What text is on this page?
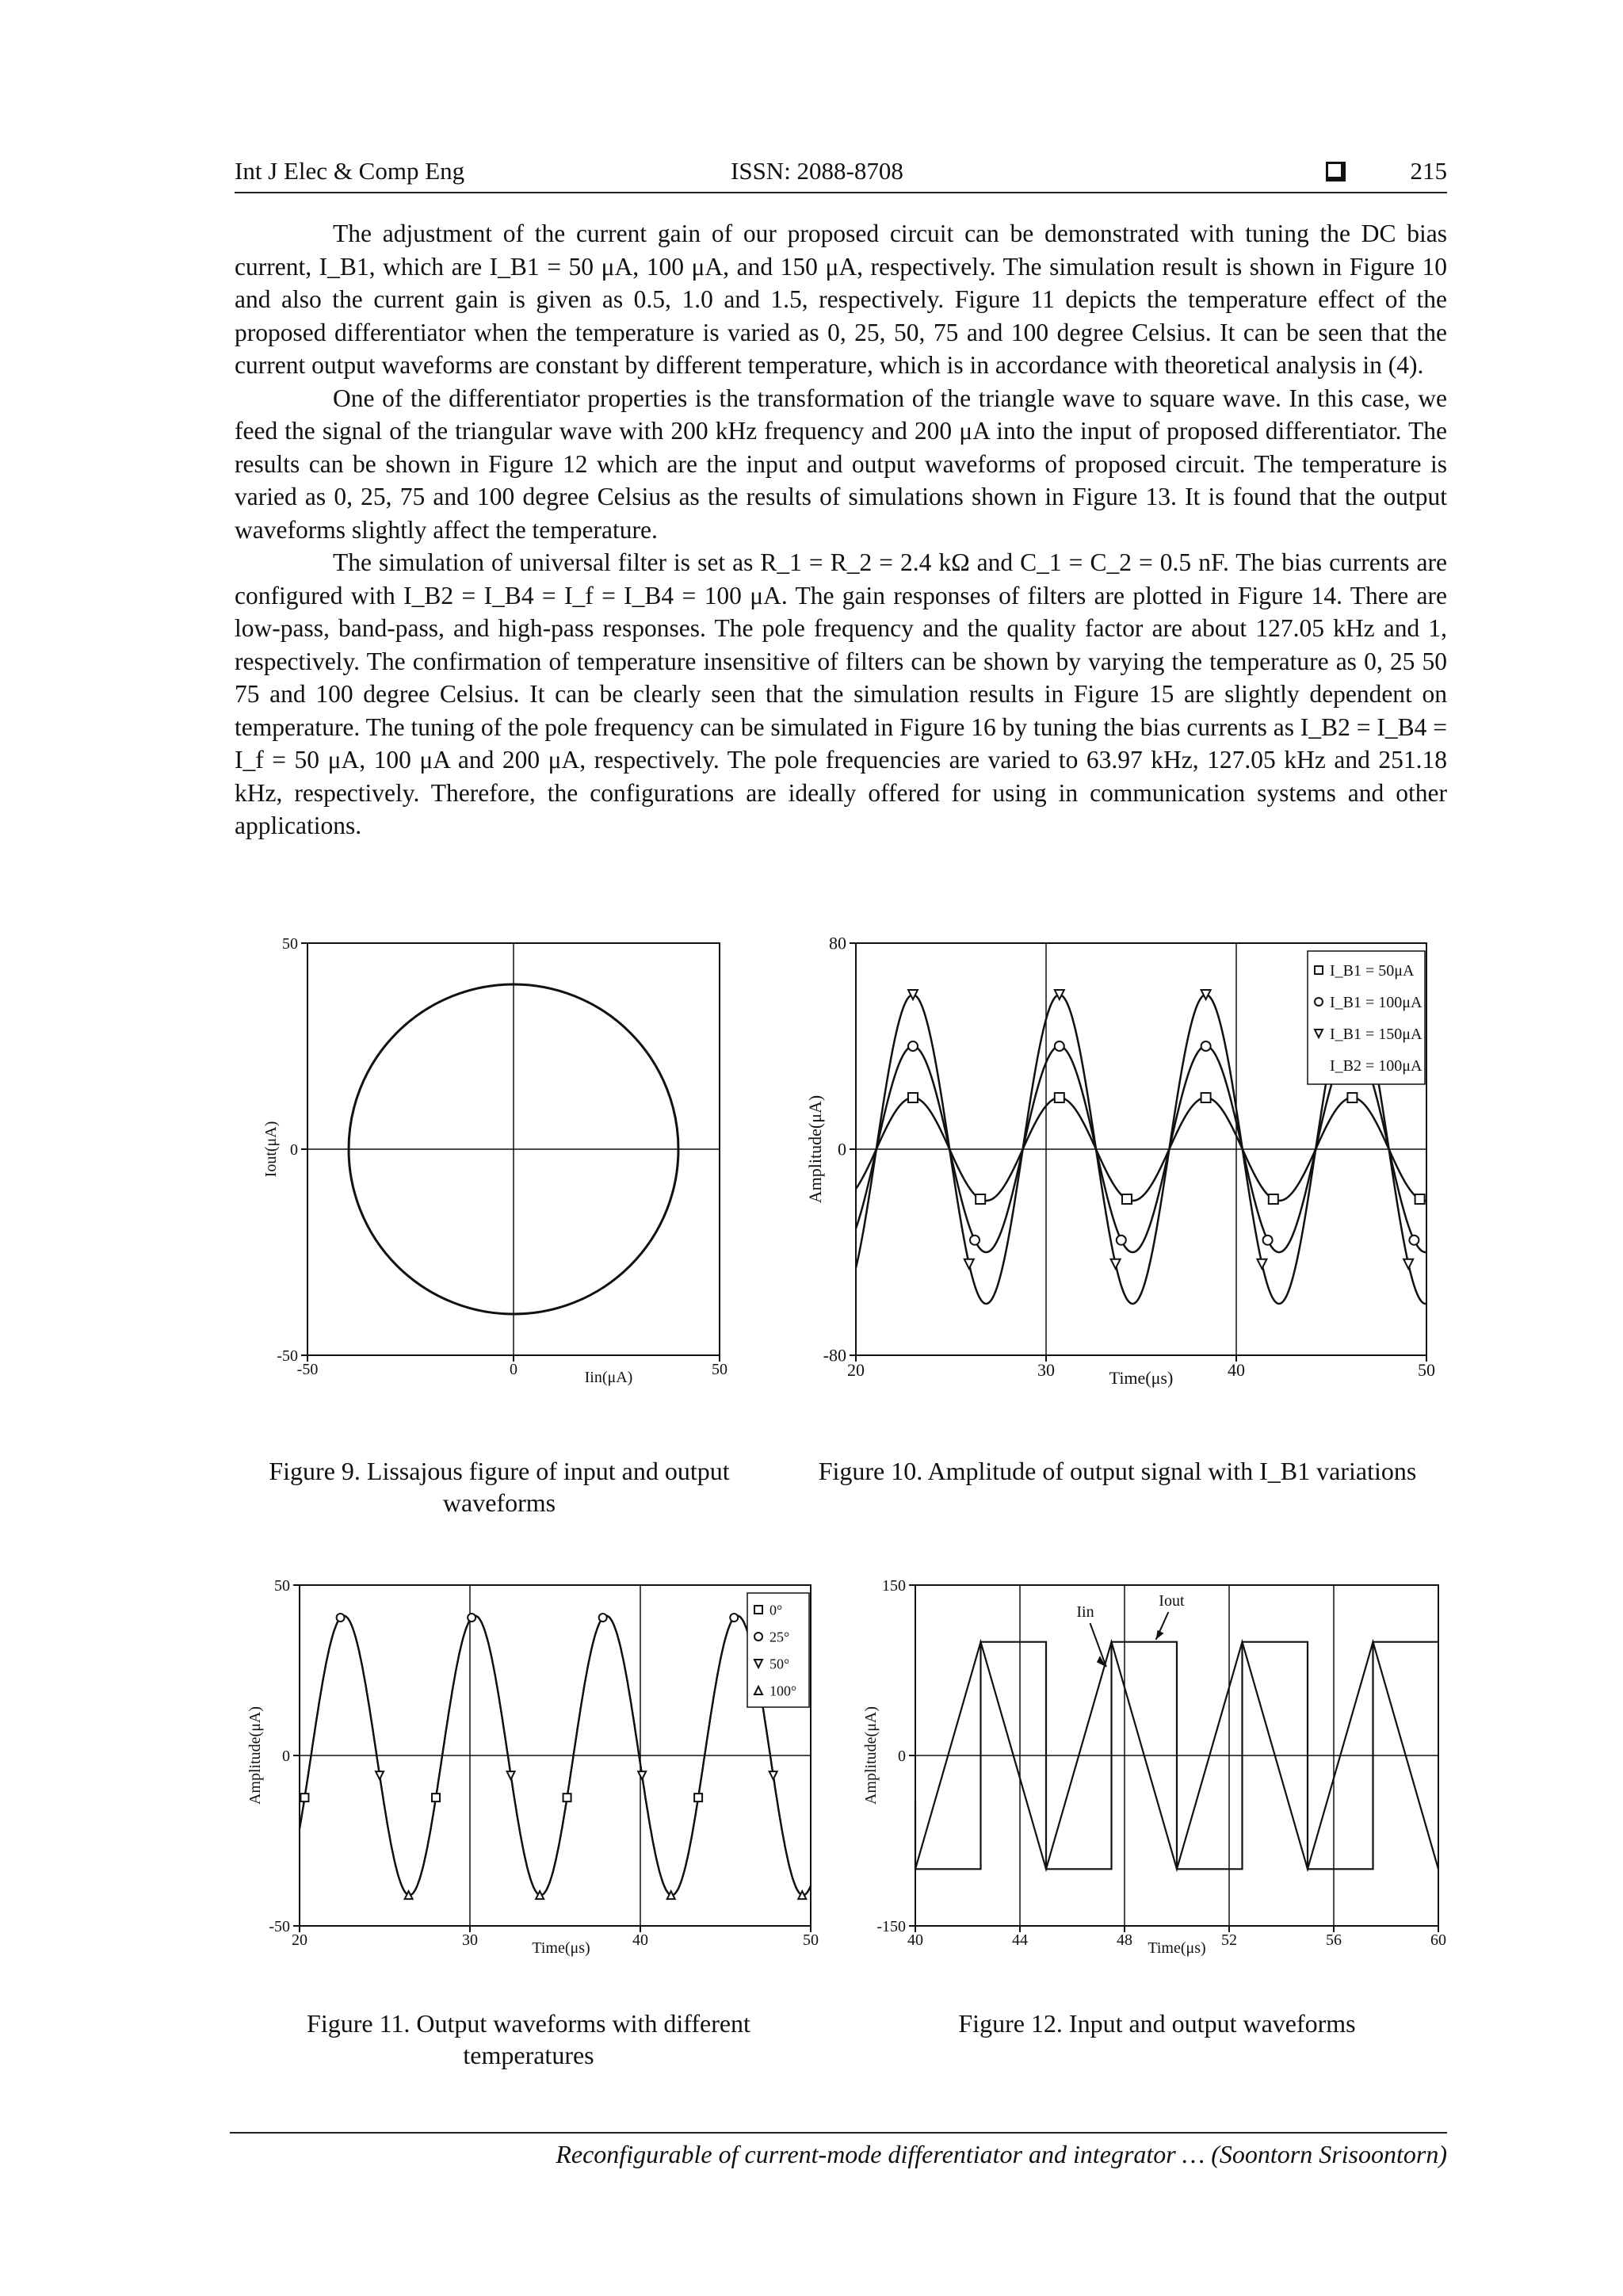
Int J Elec & Comp Eng	ISSN: 2088-8708	215

The adjustment of the current gain of our proposed circuit can be demonstrated with tuning the DC bias current, I_B1, which are I_B1 = 50 μA, 100 μA, and 150 μA, respectively. The simulation result is shown in Figure 10 and also the current gain is given as 0.5, 1.0 and 1.5, respectively. Figure 11 depicts the temperature effect of the proposed differentiator when the temperature is varied as 0, 25, 50, 75 and 100 degree Celsius. It can be seen that the current output waveforms are constant by different temperature, which is in accordance with theoretical analysis in (4).

One of the differentiator properties is the transformation of the triangle wave to square wave. In this case, we feed the signal of the triangular wave with 200 kHz frequency and 200 μA into the input of proposed differentiator. The results can be shown in Figure 12 which are the input and output waveforms of proposed circuit. The temperature is varied as 0, 25, 75 and 100 degree Celsius as the results of simulations shown in Figure 13. It is found that the output waveforms slightly affect the temperature.

The simulation of universal filter is set as R_1 = R_2 = 2.4 kΩ and C_1 = C_2 = 0.5 nF. The bias currents are configured with I_B2 = I_B4 = I_f = I_B4 = 100 μA. The gain responses of filters are plotted in Figure 14. There are low-pass, band-pass, and high-pass responses. The pole frequency and the quality factor are about 127.05 kHz and 1, respectively. The confirmation of temperature insensitive of filters can be shown by varying the temperature as 0, 25 50 75 and 100 degree Celsius. It can be clearly seen that the simulation results in Figure 15 are slightly dependent on temperature. The tuning of the pole frequency can be simulated in Figure 16 by tuning the bias currents as I_B2 = I_B4 = I_f = 50 μA, 100 μA and 200 μA, respectively. The pole frequencies are varied to 63.97 kHz, 127.05 kHz and 251.18 kHz, respectively. Therefore, the configurations are ideally offered for using in communication systems and other applications.

-50	0	50
50
0
-50
Iin(μA)
Iout(μA)
20	30	40	50
80
0
-80
Time(μs)
Amplitude(μA)
I_B1 = 50μA
I_B1 = 100μA
I_B1 = 150μA
I_B2 = 100μA
20	30	40	50
50
0
-50
Time(μs)
Amplitude(μA)
0°
25°
50°
100°
40	44	48	52	56	60
150
0
-150
Time(μs)
Amplitude(μA)
Iin
Iout
Figure 9. Lissajous figure of input and output waveforms
Figure 10. Amplitude of output signal with I_B1 variations
Figure 11. Output waveforms with different temperatures
Figure 12. Input and output waveforms
Reconfigurable of current-mode differentiator and integrator … (Soontorn Srisoontorn)
